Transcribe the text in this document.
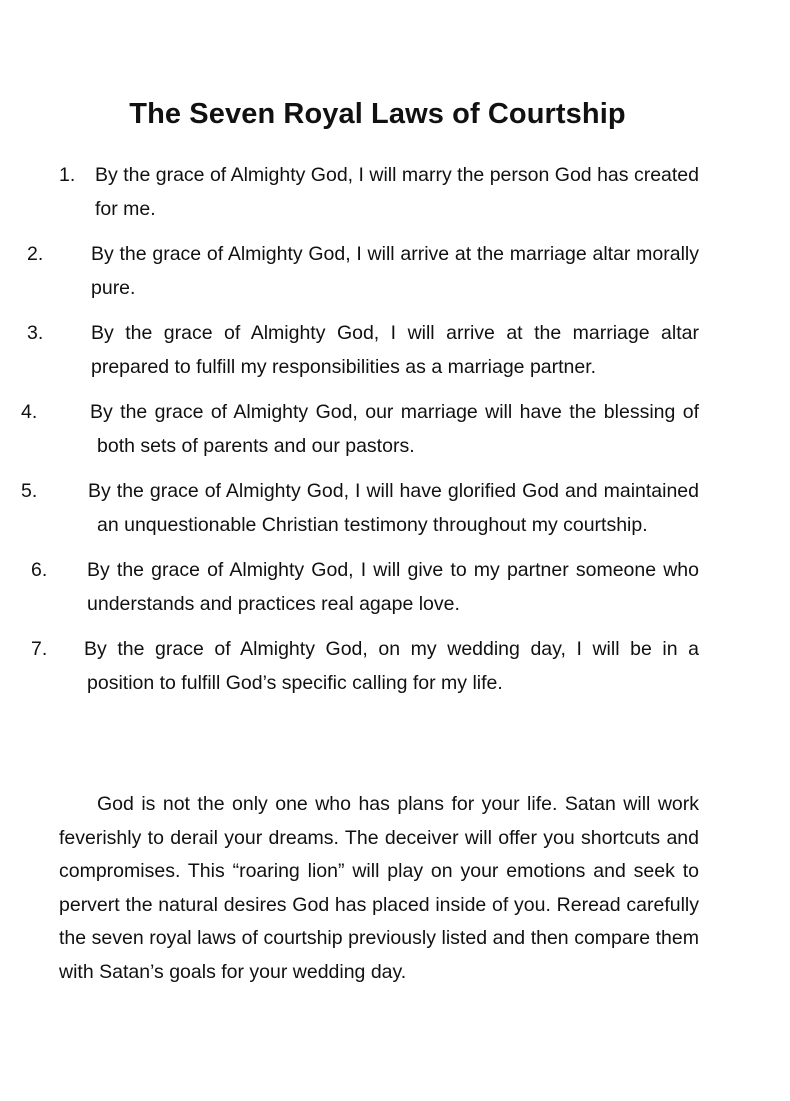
The Seven Royal Laws of Courtship
1. By the grace of Almighty God, I will marry the person God has created for me.
2. By the grace of Almighty God, I will arrive at the marriage altar morally pure.
3. By the grace of Almighty God, I will arrive at the marriage altar prepared to fulfill my responsibilities as a marriage partner.
4.	By the grace of Almighty God, our marriage will have the blessing of both sets of parents and our pastors.
5.	By the grace of Almighty God, I will have glorified God and maintained an unquestionable Christian testimony throughout my courtship.
6. By the grace of Almighty God, I will give to my partner someone who understands and practices real agape love.
7. By the grace of Almighty God, on my wedding day, I will be in a position to fulfill God’s specific calling for my life.

God is not the only one who has plans for your life. Satan will work feverishly to derail your dreams. The deceiver will offer you shortcuts and compromises. This “roaring lion” will play on your emotions and seek to pervert the natural desires God has placed inside of you. Reread carefully the seven royal laws of courtship previously listed and then compare them with Satan’s goals for your wedding day.
